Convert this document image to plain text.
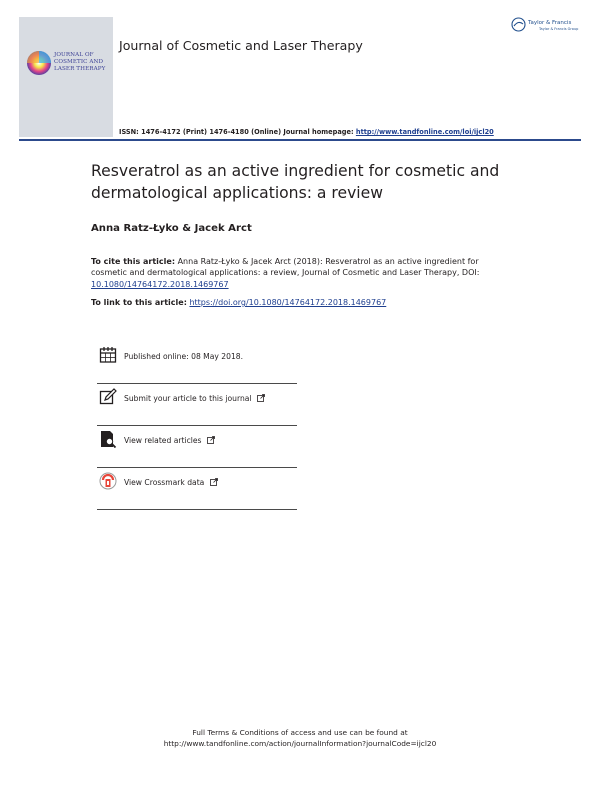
JOURNAL OF
COSMETIC AND
LASER THERAPY
Taylor & Francis
Taylor & Francis Group
Journal of Cosmetic and Laser Therapy
ISSN: 1476-4172 (Print) 1476-4180 (Online) Journal homepage: http://www.tandfonline.com/loi/ijcl20
Resveratrol as an active ingredient for cosmetic and dermatological applications: a review
Anna Ratz-Łyko & Jacek Arct
To cite this article: Anna Ratz-Łyko & Jacek Arct (2018): Resveratrol as an active ingredient for cosmetic and dermatological applications: a review, Journal of Cosmetic and Laser Therapy, DOI: 10.1080/14764172.2018.1469767
To link to this article: https://doi.org/10.1080/14764172.2018.1469767
Published online: 08 May 2018.
Submit your article to this journal
View related articles
View Crossmark data
Full Terms & Conditions of access and use can be found at
http://www.tandfonline.com/action/journalInformation?journalCode=ijcl20
